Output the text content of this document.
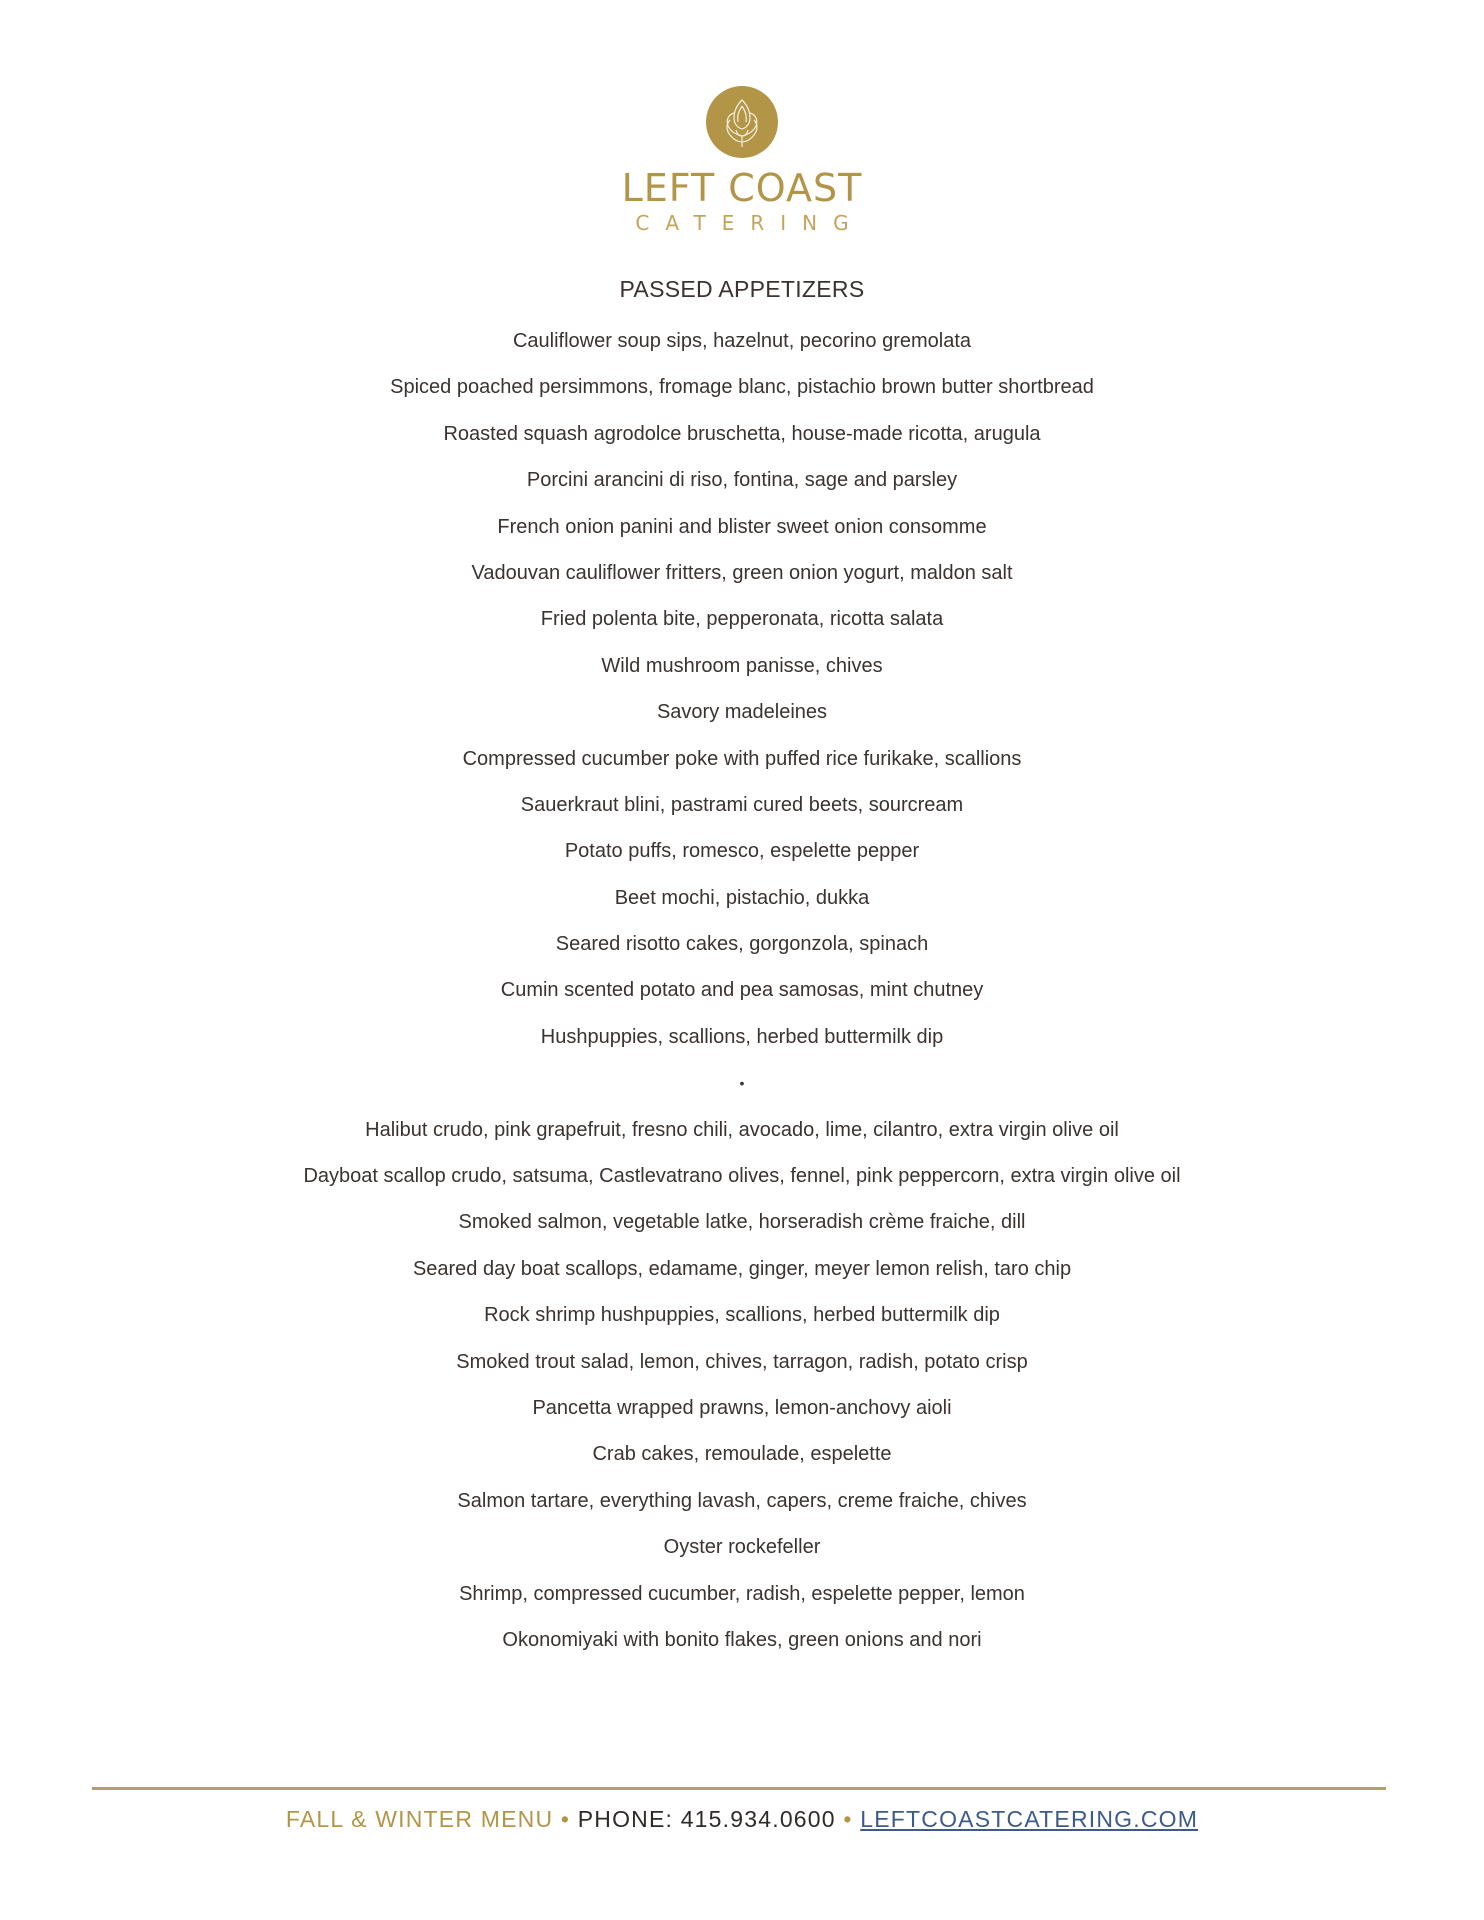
LEFT COAST
CATERING
PASSED APPETIZERS
Cauliflower soup sips, hazelnut, pecorino gremolata
Spiced poached persimmons, fromage blanc, pistachio brown butter shortbread
Roasted squash agrodolce bruschetta, house-made ricotta, arugula
Porcini arancini di riso, fontina, sage and parsley
French onion panini and blister sweet onion consomme
Vadouvan cauliflower fritters, green onion yogurt, maldon salt
Fried polenta bite, pepperonata, ricotta salata
Wild mushroom panisse, chives
Savory madeleines
Compressed cucumber poke with puffed rice furikake, scallions
Sauerkraut blini, pastrami cured beets, sourcream
Potato puffs, romesco, espelette pepper
Beet mochi, pistachio, dukka
Seared risotto cakes, gorgonzola, spinach
Cumin scented potato and pea samosas, mint chutney
Hushpuppies, scallions, herbed buttermilk dip
•
Halibut crudo, pink grapefruit, fresno chili, avocado, lime, cilantro, extra virgin olive oil
Dayboat scallop crudo, satsuma, Castlevatrano olives, fennel, pink peppercorn, extra virgin olive oil
Smoked salmon, vegetable latke, horseradish crème fraiche, dill
Seared day boat scallops, edamame, ginger, meyer lemon relish, taro chip
Rock shrimp hushpuppies, scallions, herbed buttermilk dip
Smoked trout salad, lemon, chives, tarragon, radish, potato crisp
Pancetta wrapped prawns, lemon-anchovy aioli
Crab cakes, remoulade, espelette
Salmon tartare, everything lavash, capers, creme fraiche, chives
Oyster rockefeller
Shrimp, compressed cucumber, radish, espelette pepper, lemon
Okonomiyaki with bonito flakes, green onions and nori
FALL & WINTER MENU • PHONE: 415.934.0600 • LEFTCOASTCATERING.COM
